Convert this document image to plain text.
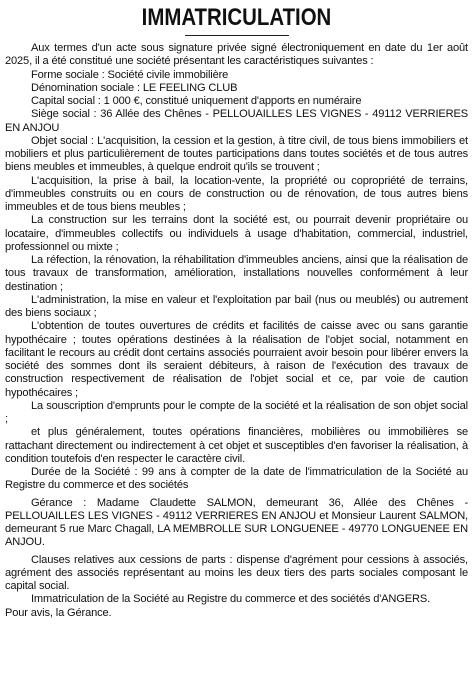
IMMATRICULATION

Aux termes d'un acte sous signature privée signé électroniquement en date du 1er août 2025, il a été constitué une société présentant les caractéristiques suivantes :

Forme sociale : Société civile immobilière

Dénomination sociale : LE FEELING CLUB

Capital social : 1 000 €, constitué uniquement d'apports en numéraire

Siège social : 36 Allée des Chênes - PELLOUAILLES LES VIGNES - 49112 VERRIERES EN ANJOU

Objet social : L'acquisition, la cession et la gestion, à titre civil, de tous biens immobiliers et mobiliers et plus particulièrement de toutes participations dans toutes sociétés et de tous autres biens meubles et immeubles, à quelque endroit qu'ils se trouvent ;

L'acquisition, la prise à bail, la location-vente, la propriété ou copropriété de terrains, d'immeubles construits ou en cours de construction ou de rénovation, de tous autres biens immeubles et de tous biens meubles ;

La construction sur les terrains dont la société est, ou pourrait devenir propriétaire ou locataire, d'immeubles collectifs ou individuels à usage d'habitation, commercial, industriel, professionnel ou mixte ;

La réfection, la rénovation, la réhabilitation d'immeubles anciens, ainsi que la réalisation de tous travaux de transformation, amélioration, installations nouvelles conformément à leur destination ;

L'administration, la mise en valeur et l'exploitation par bail (nus ou meublés) ou autrement des biens sociaux ;

L'obtention de toutes ouvertures de crédits et facilités de caisse avec ou sans garantie hypothécaire ; toutes opérations destinées à la réalisation de l'objet social, notamment en facilitant le recours au crédit dont certains associés pourraient avoir besoin pour libérer envers la société des sommes dont ils seraient débiteurs, à raison de l'exécution des travaux de construction respectivement de réalisation de l'objet social et ce, par voie de caution hypothécaires ;

La souscription d'emprunts pour le compte de la société et la réalisation de son objet social ;

et plus généralement, toutes opérations financières, mobilières ou immobilières se rattachant directement ou indirectement à cet objet et susceptibles d'en favoriser la réalisation, à condition toutefois d'en respecter le caractère civil.

Durée de la Société : 99 ans à compter de la date de l'immatriculation de la Société au Registre du commerce et des sociétés

Gérance : Madame Claudette SALMON, demeurant 36, Allée des Chênes - PELLOUAILLES LES VIGNES - 49112 VERRIERES EN ANJOU et Monsieur Laurent SALMON, demeurant 5 rue Marc Chagall, LA MEMBROLLE SUR LONGUENEE - 49770 LONGUENEE EN ANJOU.

Clauses relatives aux cessions de parts : dispense d'agrément pour cessions à associés, agrément des associés représentant au moins les deux tiers des parts sociales composant le capital social.

Immatriculation de la Société au Registre du commerce et des sociétés d'ANGERS.

Pour avis, la Gérance.
